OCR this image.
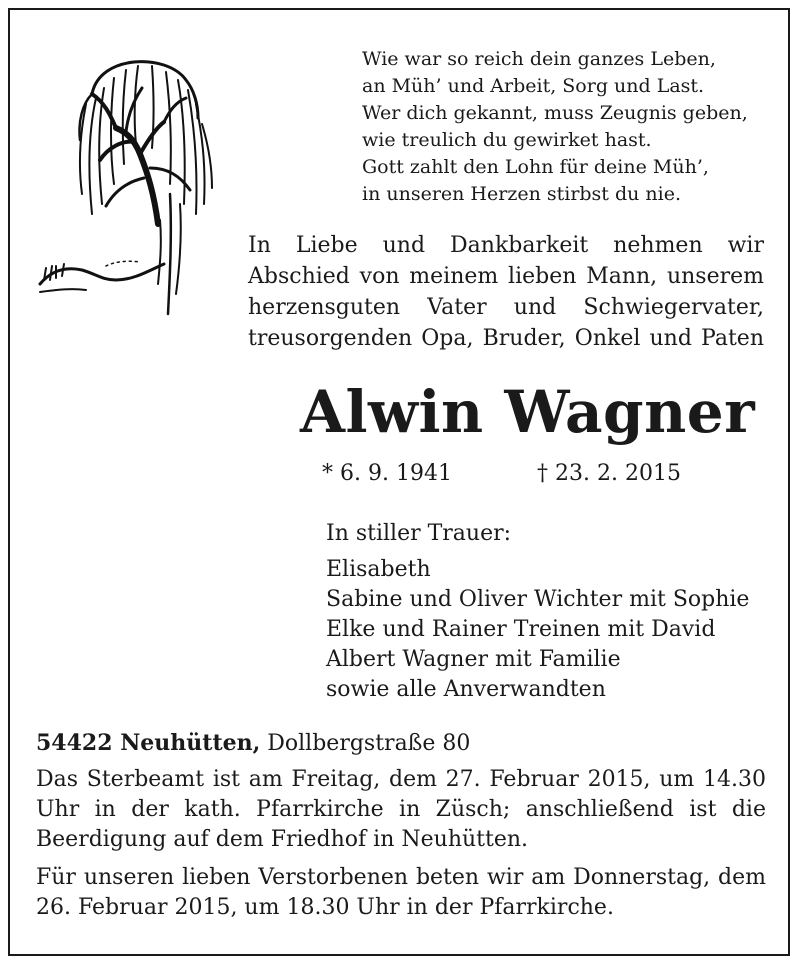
Wie war so reich dein ganzes Leben,
an Müh’ und Arbeit, Sorg und Last.
Wer dich gekannt, muss Zeugnis geben,
wie treulich du gewirket hast.
Gott zahlt den Lohn für deine Müh’,
in unseren Herzen stirbst du nie.
In Liebe und Dankbarkeit nehmen wir
Abschied von meinem lieben Mann, unserem
herzensguten Vater und Schwiegervater,
treusorgenden Opa, Bruder, Onkel und Paten
Alwin Wagner
* 6. 9. 1941	† 23. 2. 2015
In stiller Trauer:
Elisabeth
Sabine und Oliver Wichter mit Sophie
Elke und Rainer Treinen mit David
Albert Wagner mit Familie
sowie alle Anverwandten
54422 Neuhütten, Dollbergstraße 80

Das Sterbeamt ist am Freitag, dem 27. Februar 2015, um 14.30 Uhr in der kath. Pfarrkirche in Züsch; anschließend ist die Beerdigung auf dem Friedhof in Neuhütten.

Für unseren lieben Verstorbenen beten wir am Donnerstag, dem 26. Februar 2015, um 18.30 Uhr in der Pfarrkirche.
